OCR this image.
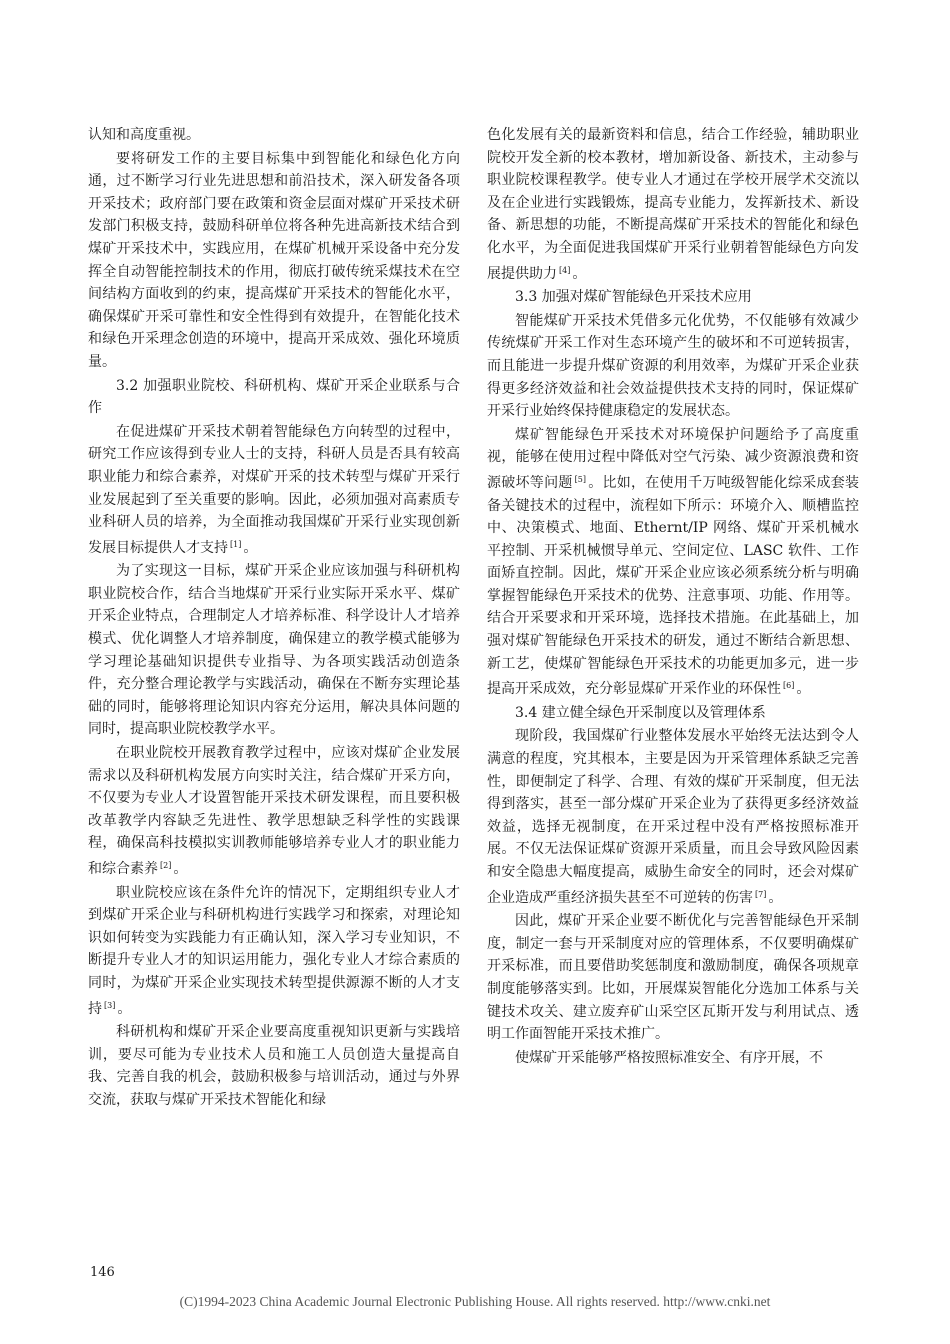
认知和高度重视。

要将研发工作的主要目标集中到智能化和绿色化方向通，过不断学习行业先进思想和前沿技术，深入研发备各项开采技术；政府部门要在政策和资金层面对煤矿开采技术研发部门积极支持，鼓励科研单位将各种先进高新技术结合到煤矿开采技术中，实践应用，在煤矿机械开采设备中充分发挥全自动智能控制技术的作用，彻底打破传统采煤技术在空间结构方面收到的约束，提高煤矿开采技术的智能化水平，确保煤矿开采可靠性和安全性得到有效提升，在智能化技术和绿色开采理念创造的环境中，提高开采成效、强化环境质量。

3.2 加强职业院校、科研机构、煤矿开采企业联系与合作

在促进煤矿开采技术朝着智能绿色方向转型的过程中，研究工作应该得到专业人士的支持，科研人员是否具有较高职业能力和综合素养，对煤矿开采的技术转型与煤矿开采行业发展起到了至关重要的影响。因此，必须加强对高素质专业科研人员的培养，为全面推动我国煤矿开采行业实现创新发展目标提供人才支持 [1] 。

为了实现这一目标，煤矿开采企业应该加强与科研机构职业院校合作，结合当地煤矿开采行业实际开采水平、煤矿开采企业特点，合理制定人才培养标准、科学设计人才培养模式、优化调整人才培养制度，确保建立的教学模式能够为学习理论基础知识提供专业指导、为各项实践活动创造条件，充分整合理论教学与实践活动，确保在不断夯实理论基础的同时，能够将理论知识内容充分运用，解决具体问题的同时，提高职业院校教学水平。

在职业院校开展教育教学过程中，应该对煤矿企业发展需求以及科研机构发展方向实时关注，结合煤矿开采方向，不仅要为专业人才设置智能开采技术研发课程，而且要积极改革教学内容缺乏先进性、教学思想缺乏科学性的实践课程，确保高科技模拟实训教师能够培养专业人才的职业能力和综合素养 [2] 。

职业院校应该在条件允许的情况下，定期组织专业人才到煤矿开采企业与科研机构进行实践学习和探索，对理论知识如何转变为实践能力有正确认知，深入学习专业知识，不断提升专业人才的知识运用能力，强化专业人才综合素质的同时，为煤矿开采企业实现技术转型提供源源不断的人才支持 [3] 。

科研机构和煤矿开采企业要高度重视知识更新与实践培训，要尽可能为专业技术人员和施工人员创造大量提高自我、完善自我的机会，鼓励积极参与培训活动，通过与外界交流，获取与煤矿开采技术智能化和绿

色化发展有关的最新资料和信息，结合工作经验，辅助职业院校开发全新的校本教材，增加新设备、新技术，主动参与职业院校课程教学。使专业人才通过在学校开展学术交流以及在企业进行实践锻炼，提高专业能力，发挥新技术、新设备、新思想的功能，不断提高煤矿开采技术的智能化和绿色化水平，为全面促进我国煤矿开采行业朝着智能绿色方向发展提供助力 [4] 。

3.3 加强对煤矿智能绿色开采技术应用

智能煤矿开采技术凭借多元化优势，不仅能够有效减少传统煤矿开采工作对生态环境产生的破坏和不可逆转损害，而且能进一步提升煤矿资源的利用效率，为煤矿开采企业获得更多经济效益和社会效益提供技术支持的同时，保证煤矿开采行业始终保持健康稳定的发展状态。

煤矿智能绿色开采技术对环境保护问题给予了高度重视，能够在使用过程中降低对空气污染、减少资源浪费和资源破坏等问题 [5] 。比如，在使用千万吨级智能化综采成套装备关键技术的过程中，流程如下所示：环境介入、顺槽监控中、决策模式、地面、Ethernt/IP 网络、煤矿开采机械水平控制、开采机械惯导单元、空间定位、LASC 软件、工作面矫直控制。因此，煤矿开采企业应该必须系统分析与明确掌握智能绿色开采技术的优势、注意事项、功能、作用等。结合开采要求和开采环境，选择技术措施。在此基础上，加强对煤矿智能绿色开采技术的研发，通过不断结合新思想、新工艺，使煤矿智能绿色开采技术的功能更加多元，进一步提高开采成效，充分彰显煤矿开采作业的环保性 [6] 。

3.4 建立健全绿色开采制度以及管理体系

现阶段，我国煤矿行业整体发展水平始终无法达到令人满意的程度，究其根本，主要是因为开采管理体系缺乏完善性，即便制定了科学、合理、有效的煤矿开采制度，但无法得到落实，甚至一部分煤矿开采企业为了获得更多经济效益效益，选择无视制度，在开采过程中没有严格按照标准开展。不仅无法保证煤矿资源开采质量，而且会导致风险因素和安全隐患大幅度提高，威胁生命安全的同时，还会对煤矿企业造成严重经济损失甚至不可逆转的伤害 [7] 。

因此，煤矿开采企业要不断优化与完善智能绿色开采制度，制定一套与开采制度对应的管理体系，不仅要明确煤矿开采标准，而且要借助奖惩制度和激励制度，确保各项规章制度能够落实到。比如，开展煤炭智能化分选加工体系与关键技术攻关、建立废弃矿山采空区瓦斯开发与利用试点、透明工作面智能开采技术推广。

使煤矿开采能够严格按照标准安全、有序开展，不

146
(C)1994-2023 China Academic Journal Electronic Publishing House. All rights reserved. http://www.cnki.net
